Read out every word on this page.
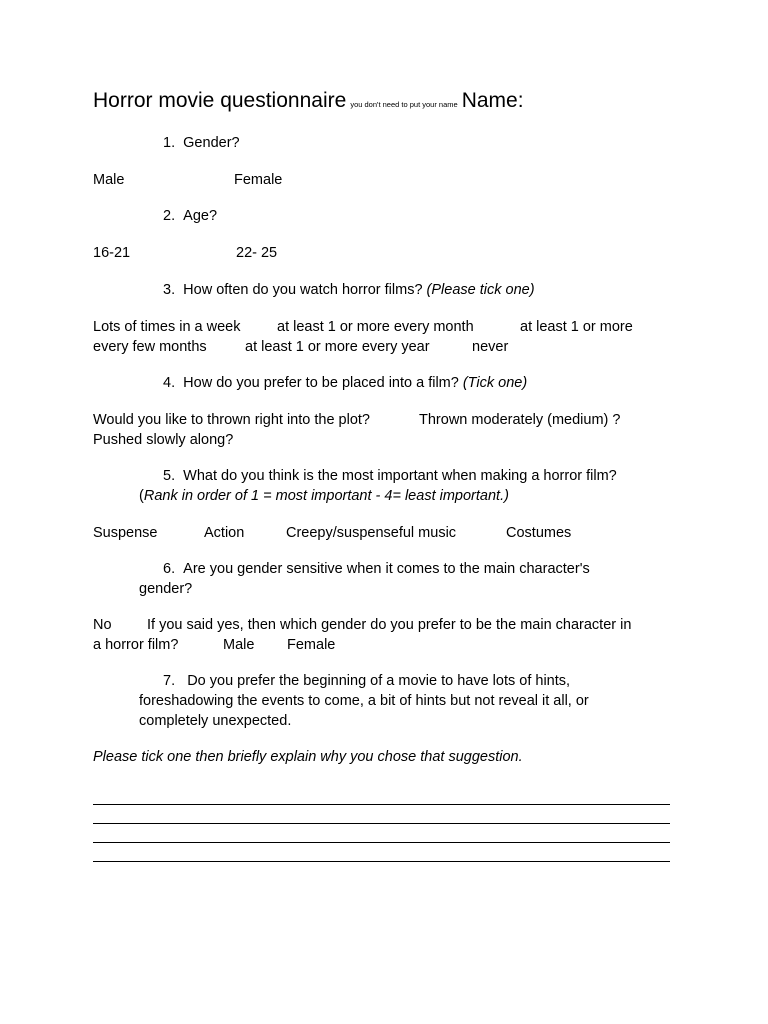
Horror movie questionnaire you don't need to put your name Name:
1. Gender?
Male	Female
2. Age?
16-21	22- 25
3. How often do you watch horror films? (Please tick one)
Lots of times in a week	at least 1 or more every month	at least 1 or more
every few months	at least 1 or more every year	never
4. How do you prefer to be placed into a film? (Tick one)
Would you like to thrown right into the plot?	Thrown moderately (medium) ?
Pushed slowly along?
5. What do you think is the most important when making a horror film?
(Rank in order of 1 = most important - 4= least important.)
Suspense	Action	Creepy/suspenseful music	Costumes
6. Are you gender sensitive when it comes to the main character's
gender?
No If you said yes, then which gender do you prefer to be the main character in
a horror film?	Male Female
7. Do you prefer the beginning of a movie to have lots of hints,
foreshadowing the events to come, a bit of hints but not reveal it all, or
completely unexpected.
Please tick one then briefly explain why you chose that suggestion.
